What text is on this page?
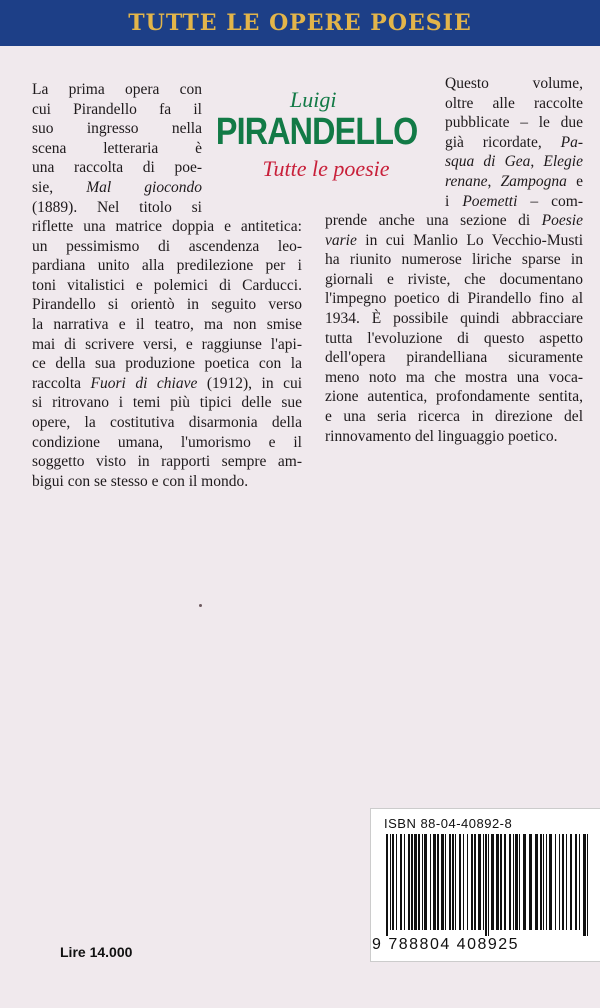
TUTTE LE OPERE POESIE
Luigi
PIRANDELLO
Tutte le poesie
La prima opera con
cui Pirandello fa il
suo ingresso nella
scena letteraria è
una raccolta di poe-
sie, Mal giocondo
(1889). Nel titolo si
riflette una matrice doppia e antitetica:
un pessimismo di ascendenza leo-
pardiana unito alla predilezione per i
toni vitalistici e polemici di Carducci.
Pirandello si orientò in seguito verso
la narrativa e il teatro, ma non smise
mai di scrivere versi, e raggiunse l'api-
ce della sua produzione poetica con la
raccolta Fuori di chiave (1912), in cui
si ritrovano i temi più tipici delle sue
opere, la costitutiva disarmonia della
condizione umana, l'umorismo e il
soggetto visto in rapporti sempre am-
bigui con se stesso e con il mondo.
Questo volume,
oltre alle raccolte
pubblicate – le due
già ricordate, Pa-
squa di Gea, Elegie
renane, Zampogna e
i Poemetti – com-
prende anche una sezione di Poesie
varie in cui Manlio Lo Vecchio-Musti
ha riunito numerose liriche sparse in
giornali e riviste, che documentano
l'impegno poetico di Pirandello fino al
1934. È possibile quindi abbracciare
tutta l'evoluzione di questo aspetto
dell'opera pirandelliana sicuramente
meno noto ma che mostra una voca-
zione autentica, profondamente sentita,
e una seria ricerca in direzione del
rinnovamento del linguaggio poetico.
Lire 14.000
ISBN 88-04-40892-8
9 788804 408925
